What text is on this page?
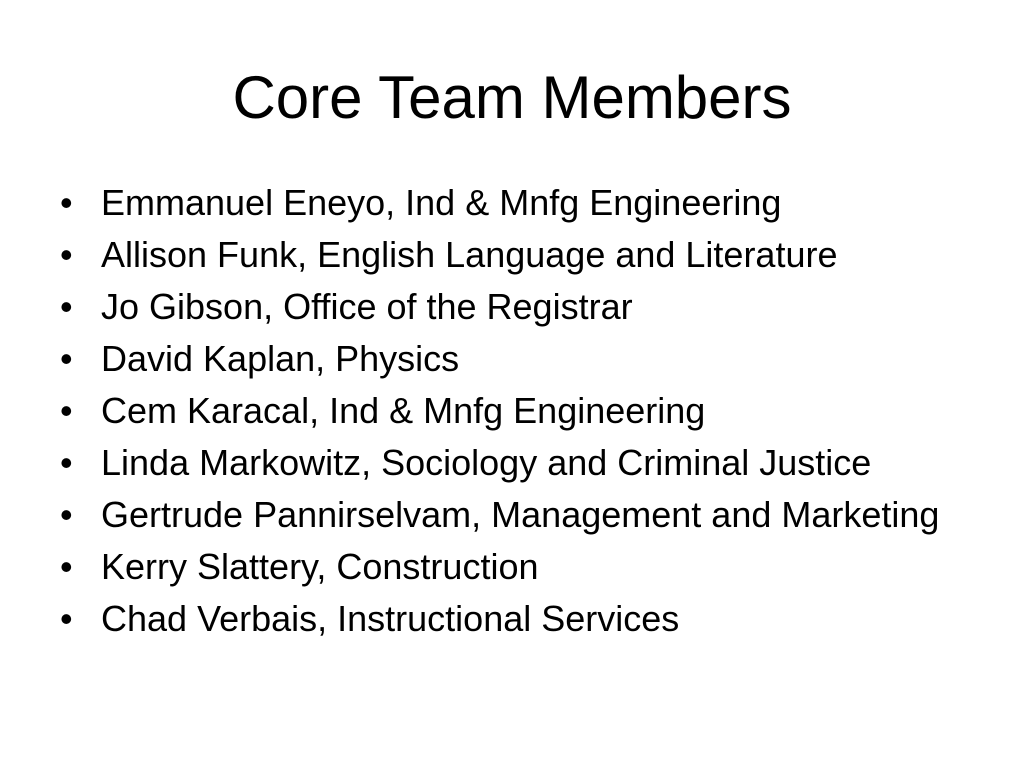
Core Team Members
• Emmanuel Eneyo, Ind & Mnfg Engineering
• Allison Funk, English Language and Literature
• Jo Gibson, Office of the Registrar
• David Kaplan, Physics
• Cem Karacal, Ind & Mnfg Engineering
• Linda Markowitz, Sociology and Criminal Justice
• Gertrude Pannirselvam, Management and Marketing
• Kerry Slattery, Construction
• Chad Verbais, Instructional Services
